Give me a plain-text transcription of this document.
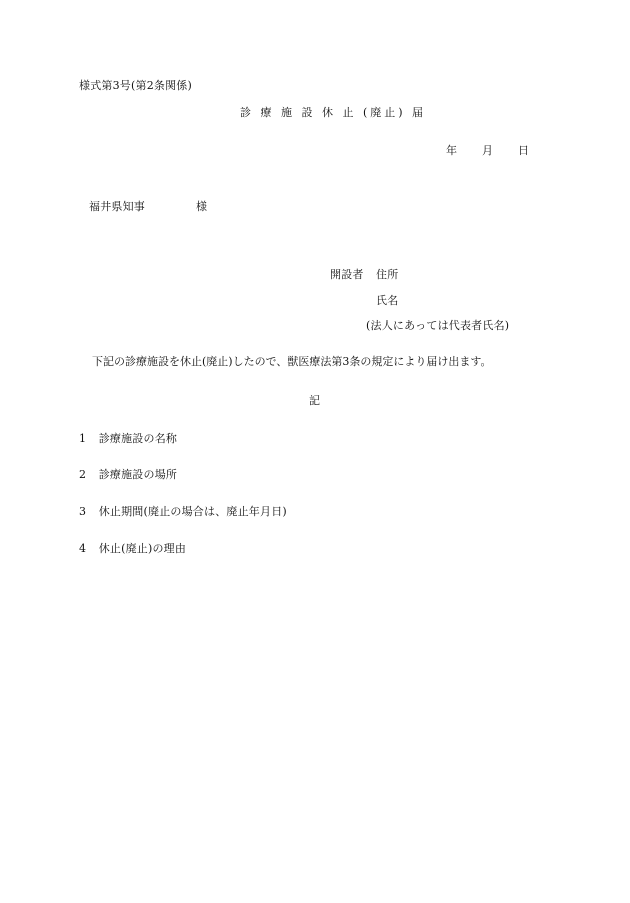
様式第3号(第2条関係)
診 療 施 設 休 止 (廃止) 届
年 月 日
福井県知事	様
開設者 住所
氏名
(法人にあっては代表者氏名)
下記の診療施設を休止(廃止)したので、獣医療法第3条の規定により届け出ます。
記
1 診療施設の名称
2 診療施設の場所
3 休止期間(廃止の場合は、廃止年月日)
4 休止(廃止)の理由
